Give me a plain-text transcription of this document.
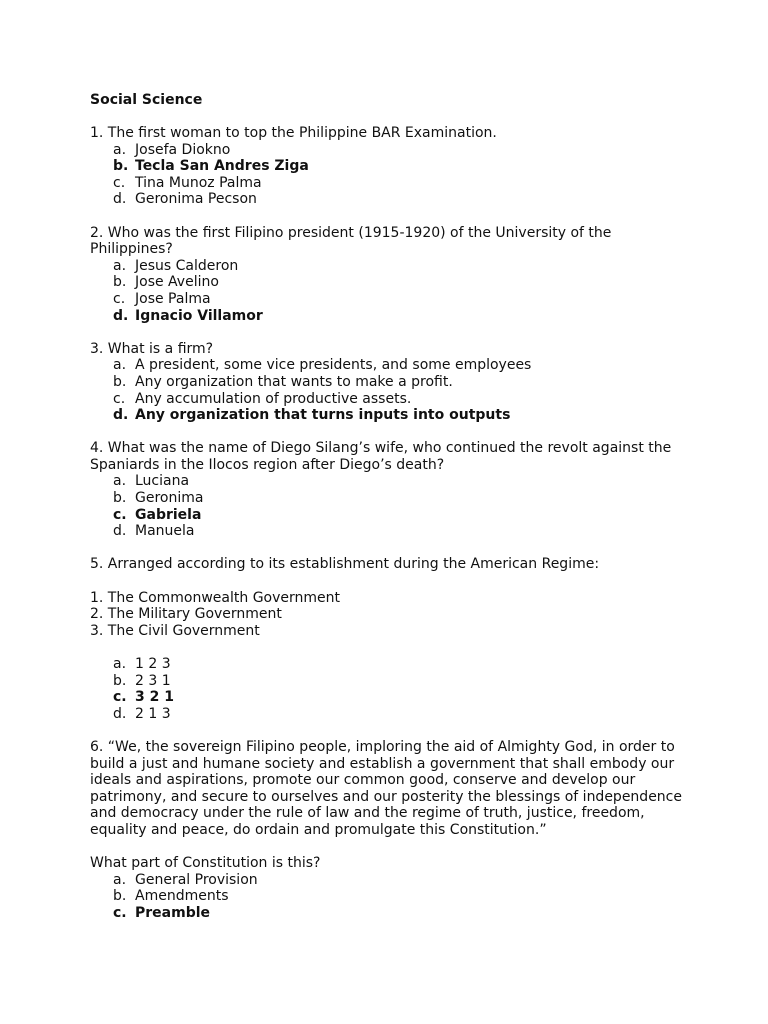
Social Science

1. The first woman to top the Philippine BAR Examination.

a. Josefa Diokno
b. Tecla San Andres Ziga
c. Tina Munoz Palma
d. Geronima Pecson

2. Who was the first Filipino president (1915-1920) of the University of the Philippines?

a. Jesus Calderon
b. Jose Avelino
c. Jose Palma
d. Ignacio Villamor

3. What is a firm?

a. A president, some vice presidents, and some employees
b. Any organization that wants to make a profit.
c. Any accumulation of productive assets.
d. Any organization that turns inputs into outputs

4. What was the name of Diego Silang’s wife, who continued the revolt against the Spaniards in the Ilocos region after Diego’s death?

a. Luciana
b. Geronima
c. Gabriela
d. Manuela

5. Arranged according to its establishment during the American Regime:

1. The Commonwealth Government

2. The Military Government

3. The Civil Government

a. 1 2 3
b. 2 3 1
c. 3 2 1
d. 2 1 3

6. “We, the sovereign Filipino people, imploring the aid of Almighty God, in order to build a just and humane society and establish a government that shall embody our ideals and aspirations, promote our common good, conserve and develop our patrimony, and secure to ourselves and our posterity the blessings of independence and democracy under the rule of law and the regime of truth, justice, freedom, equality and peace, do ordain and promulgate this Constitution.”

What part of Constitution is this?

a. General Provision
b. Amendments
c. Preamble
